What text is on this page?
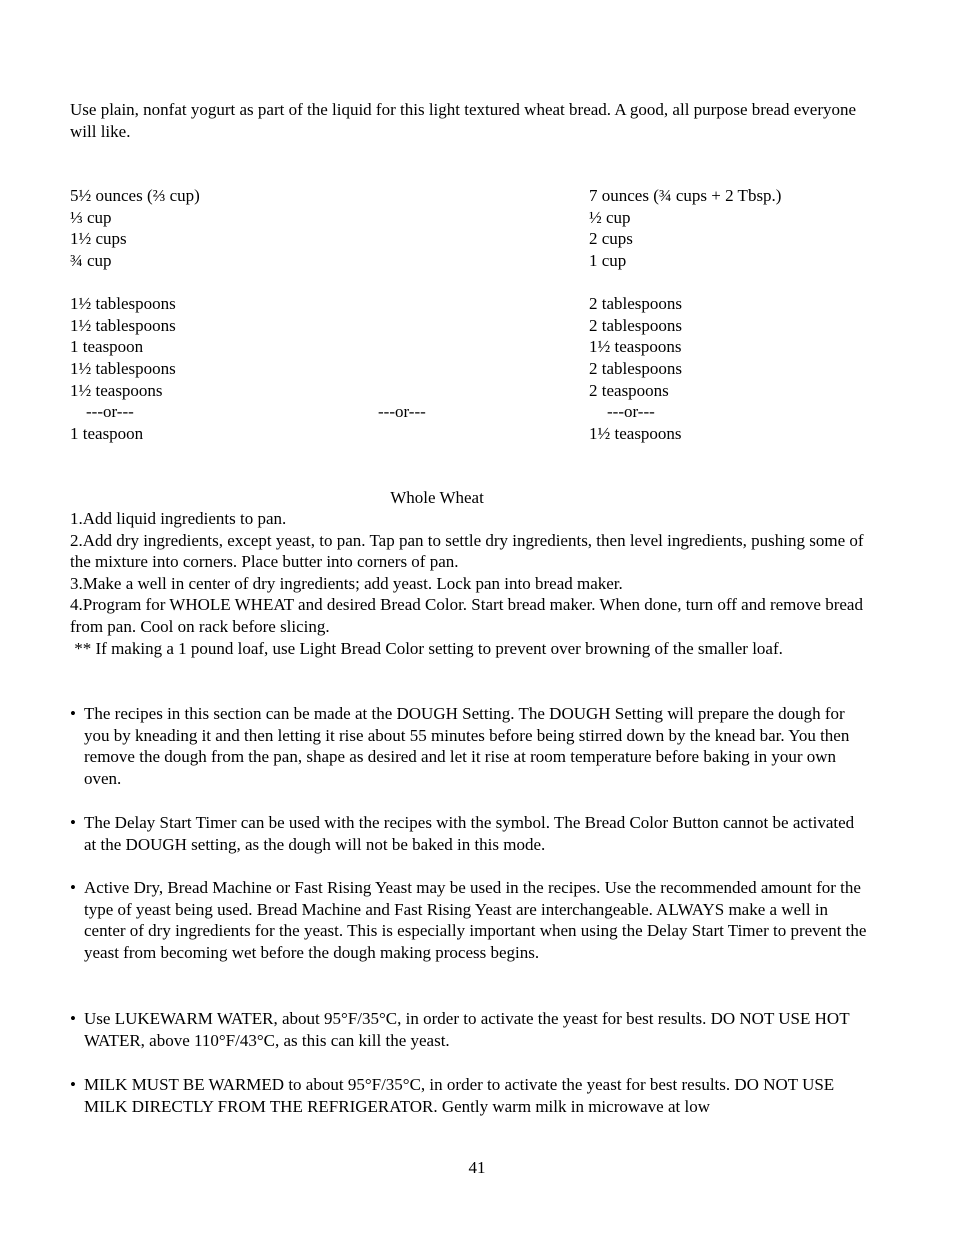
Use plain, nonfat yogurt as part of the liquid for this light textured wheat bread. A good, all purpose bread everyone will like.
5½ ounces (⅔ cup)
⅓ cup
1½ cups
¾ cup
1½ tablespoons
1½ tablespoons
1 teaspoon
1½ tablespoons
1½ teaspoons
---or---
1 teaspoon
---or---
7 ounces (¾ cups + 2 Tbsp.)
½ cup
2 cups
1 cup
2 tablespoons
2 tablespoons
1½ teaspoons
2 tablespoons
2 teaspoons
---or---
1½ teaspoons
Whole Wheat

1.Add liquid ingredients to pan.

2.Add dry ingredients, except yeast, to pan. Tap pan to settle dry ingredients, then level ingredients, pushing some of the mixture into corners. Place butter into corners of pan.

3.Make a well in center of dry ingredients; add yeast. Lock pan into bread maker.

4.Program for WHOLE WHEAT and desired Bread Color. Start bread maker. When done, turn off and remove bread from pan. Cool on rack before slicing.

** If making a 1 pound loaf, use Light Bread Color setting to prevent over browning of the smaller loaf.

• The recipes in this section can be made at the DOUGH Setting. The DOUGH Setting will prepare the dough for you by kneading it and then letting it rise about 55 minutes before being stirred down by the knead bar. You then remove the dough from the pan, shape as desired and let it rise at room temperature before baking in your own oven.
• The Delay Start Timer can be used with the recipes with the symbol. The Bread Color Button cannot be activated at the DOUGH setting, as the dough will not be baked in this mode.
• Active Dry, Bread Machine or Fast Rising Yeast may be used in the recipes. Use the recommended amount for the type of yeast being used. Bread Machine and Fast Rising Yeast are interchangeable. ALWAYS make a well in center of dry ingredients for the yeast. This is especially important when using the Delay Start Timer to prevent the yeast from becoming wet before the dough making process begins.
• Use LUKEWARM WATER, about 95°F/35°C, in order to activate the yeast for best results. DO NOT USE HOT WATER, above 110°F/43°C, as this can kill the yeast.
• MILK MUST BE WARMED to about 95°F/35°C, in order to activate the yeast for best results. DO NOT USE MILK DIRECTLY FROM THE REFRIGERATOR. Gently warm milk in microwave at low
41
